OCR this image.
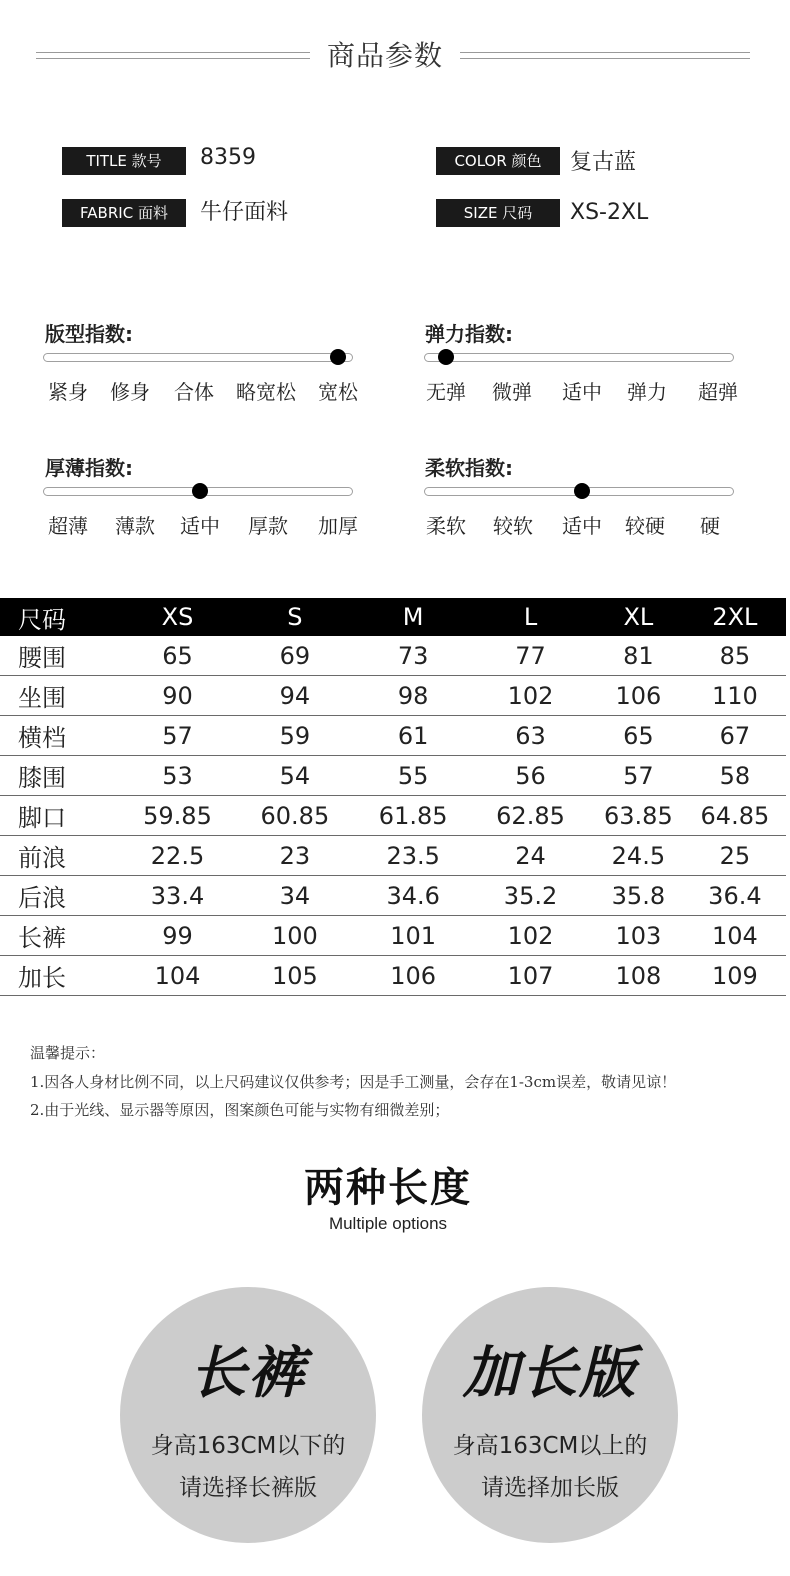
商品参数
TITLE 款号	8359	COLOR 颜色	复古蓝
FABRIC 面料	牛仔面料	SIZE 尺码	XS-2XL
版型指数:
紧身 修身 合体 略宽松 宽松
弹力指数:
无弹 微弹 适中 弹力 超弹
厚薄指数:
超薄 薄款 适中 厚款 加厚
柔软指数:
柔软 较软 适中 较硬 硬
尺码	XS	S	M	L	XL	2XL
腰围	65	69	73	77	81	85
坐围	90	94	98	102	106	110
横档	57	59	61	63	65	67
膝围	53	54	55	56	57	58
脚口	59.85	60.85	61.85	62.85	63.85	64.85
前浪	22.5	23	23.5	24	24.5	25
后浪	33.4	34	34.6	35.2	35.8	36.4
长裤	99	100	101	102	103	104
加长	104	105	106	107	108	109
温馨提示：
1.因各人身材比例不同，以上尺码建议仅供参考；因是手工测量，会存在1-3cm误差，敬请见谅！
2.由于光线、显示器等原因，图案颜色可能与实物有细微差别；
两种长度
Multiple options
长裤
身高163CM以下的
请选择长裤版
加长版
身高163CM以上的
请选择加长版
